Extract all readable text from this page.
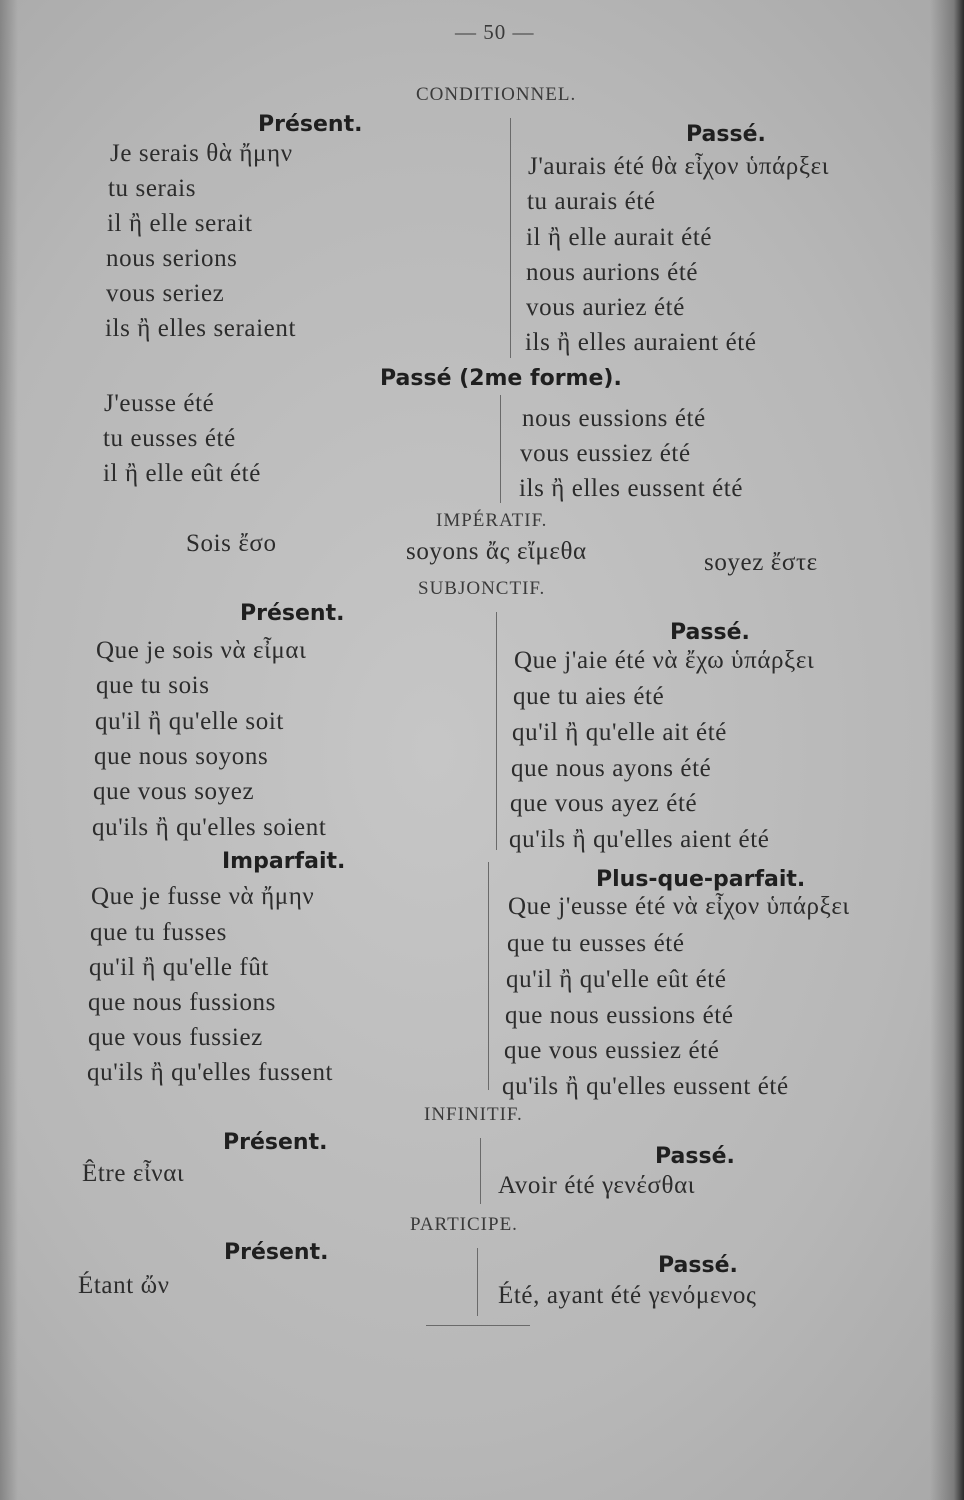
— 50 —
CONDITIONNEL.
Présent.
Je serais θὰ ἤμην
tu serais
il ἢ elle serait
nous serions
vous seriez
ils ἢ elles seraient
Passé.
J'aurais été θὰ εἶχον ὑπάρξει
tu aurais été
il ἢ elle aurait été
nous aurions été
vous auriez été
ils ἢ elles auraient été
Passé (2me forme).
J'eusse été
tu eusses été
il ἢ elle eût été
nous eussions été
vous eussiez été
ils ἢ elles eussent été
IMPÉRATIF.
Sois ἔσο	soyons ἄς εἴμεθα	soyez ἔστε
SUBJONCTIF.
Présent.
Que je sois νὰ εἶμαι
que tu sois
qu'il ἢ qu'elle soit
que nous soyons
que vous soyez
qu'ils ἢ qu'elles soient
Passé.
Que j'aie été νὰ ἔχω ὑπάρξει
que tu aies été
qu'il ἢ qu'elle ait été
que nous ayons été
que vous ayez été
qu'ils ἢ qu'elles aient été
Imparfait.
Que je fusse νὰ ἤμην
que tu fusses
qu'il ἢ qu'elle fût
que nous fussions
que vous fussiez
qu'ils ἢ qu'elles fussent
Plus-que-parfait.
Que j'eusse été νὰ εἶχον ὑπάρξει
que tu eusses été
qu'il ἢ qu'elle eût été
que nous eussions été
que vous eussiez été
qu'ils ἢ qu'elles eussent été
INFINITIF.
Présent.
Être εἶναι
Passé.
Avoir été γενέσθαι
PARTICIPE.
Présent.
Étant ὤν
Passé.
Été, ayant été γενόμενος
